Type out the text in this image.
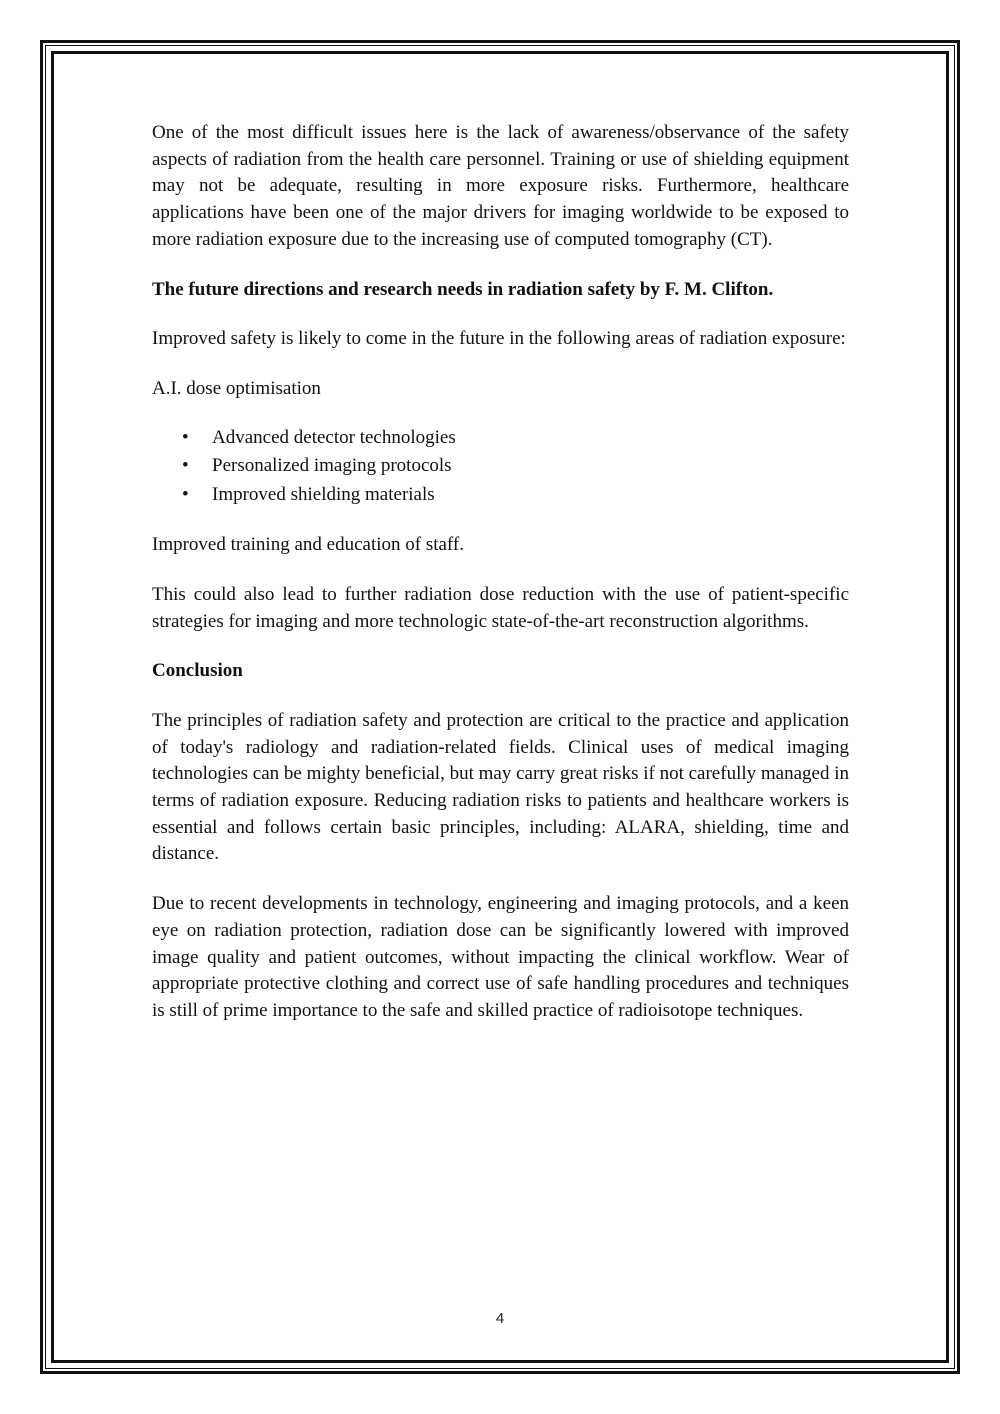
One of the most difficult issues here is the lack of awareness/observance of the safety aspects of radiation from the health care personnel. Training or use of shielding equipment may not be adequate, resulting in more exposure risks. Furthermore, healthcare applications have been one of the major drivers for imaging worldwide to be exposed to more radiation exposure due to the increasing use of computed tomography (CT).

The future directions and research needs in radiation safety by F. M. Clifton.

Improved safety is likely to come in the future in the following areas of radiation exposure:

A.I. dose optimisation

• Advanced detector technologies
• Personalized imaging protocols
• Improved shielding materials

Improved training and education of staff.

This could also lead to further radiation dose reduction with the use of patient-specific strategies for imaging and more technologic state-of-the-art reconstruction algorithms.

Conclusion

The principles of radiation safety and protection are critical to the practice and application of today's radiology and radiation-related fields. Clinical uses of medical imaging technologies can be mighty beneficial, but may carry great risks if not carefully managed in terms of radiation exposure. Reducing radiation risks to patients and healthcare workers is essential and follows certain basic principles, including: ALARA, shielding, time and distance.

Due to recent developments in technology, engineering and imaging protocols, and a keen eye on radiation protection, radiation dose can be significantly lowered with improved image quality and patient outcomes, without impacting the clinical workflow. Wear of appropriate protective clothing and correct use of safe handling procedures and techniques is still of prime importance to the safe and skilled practice of radioisotope techniques.

4
